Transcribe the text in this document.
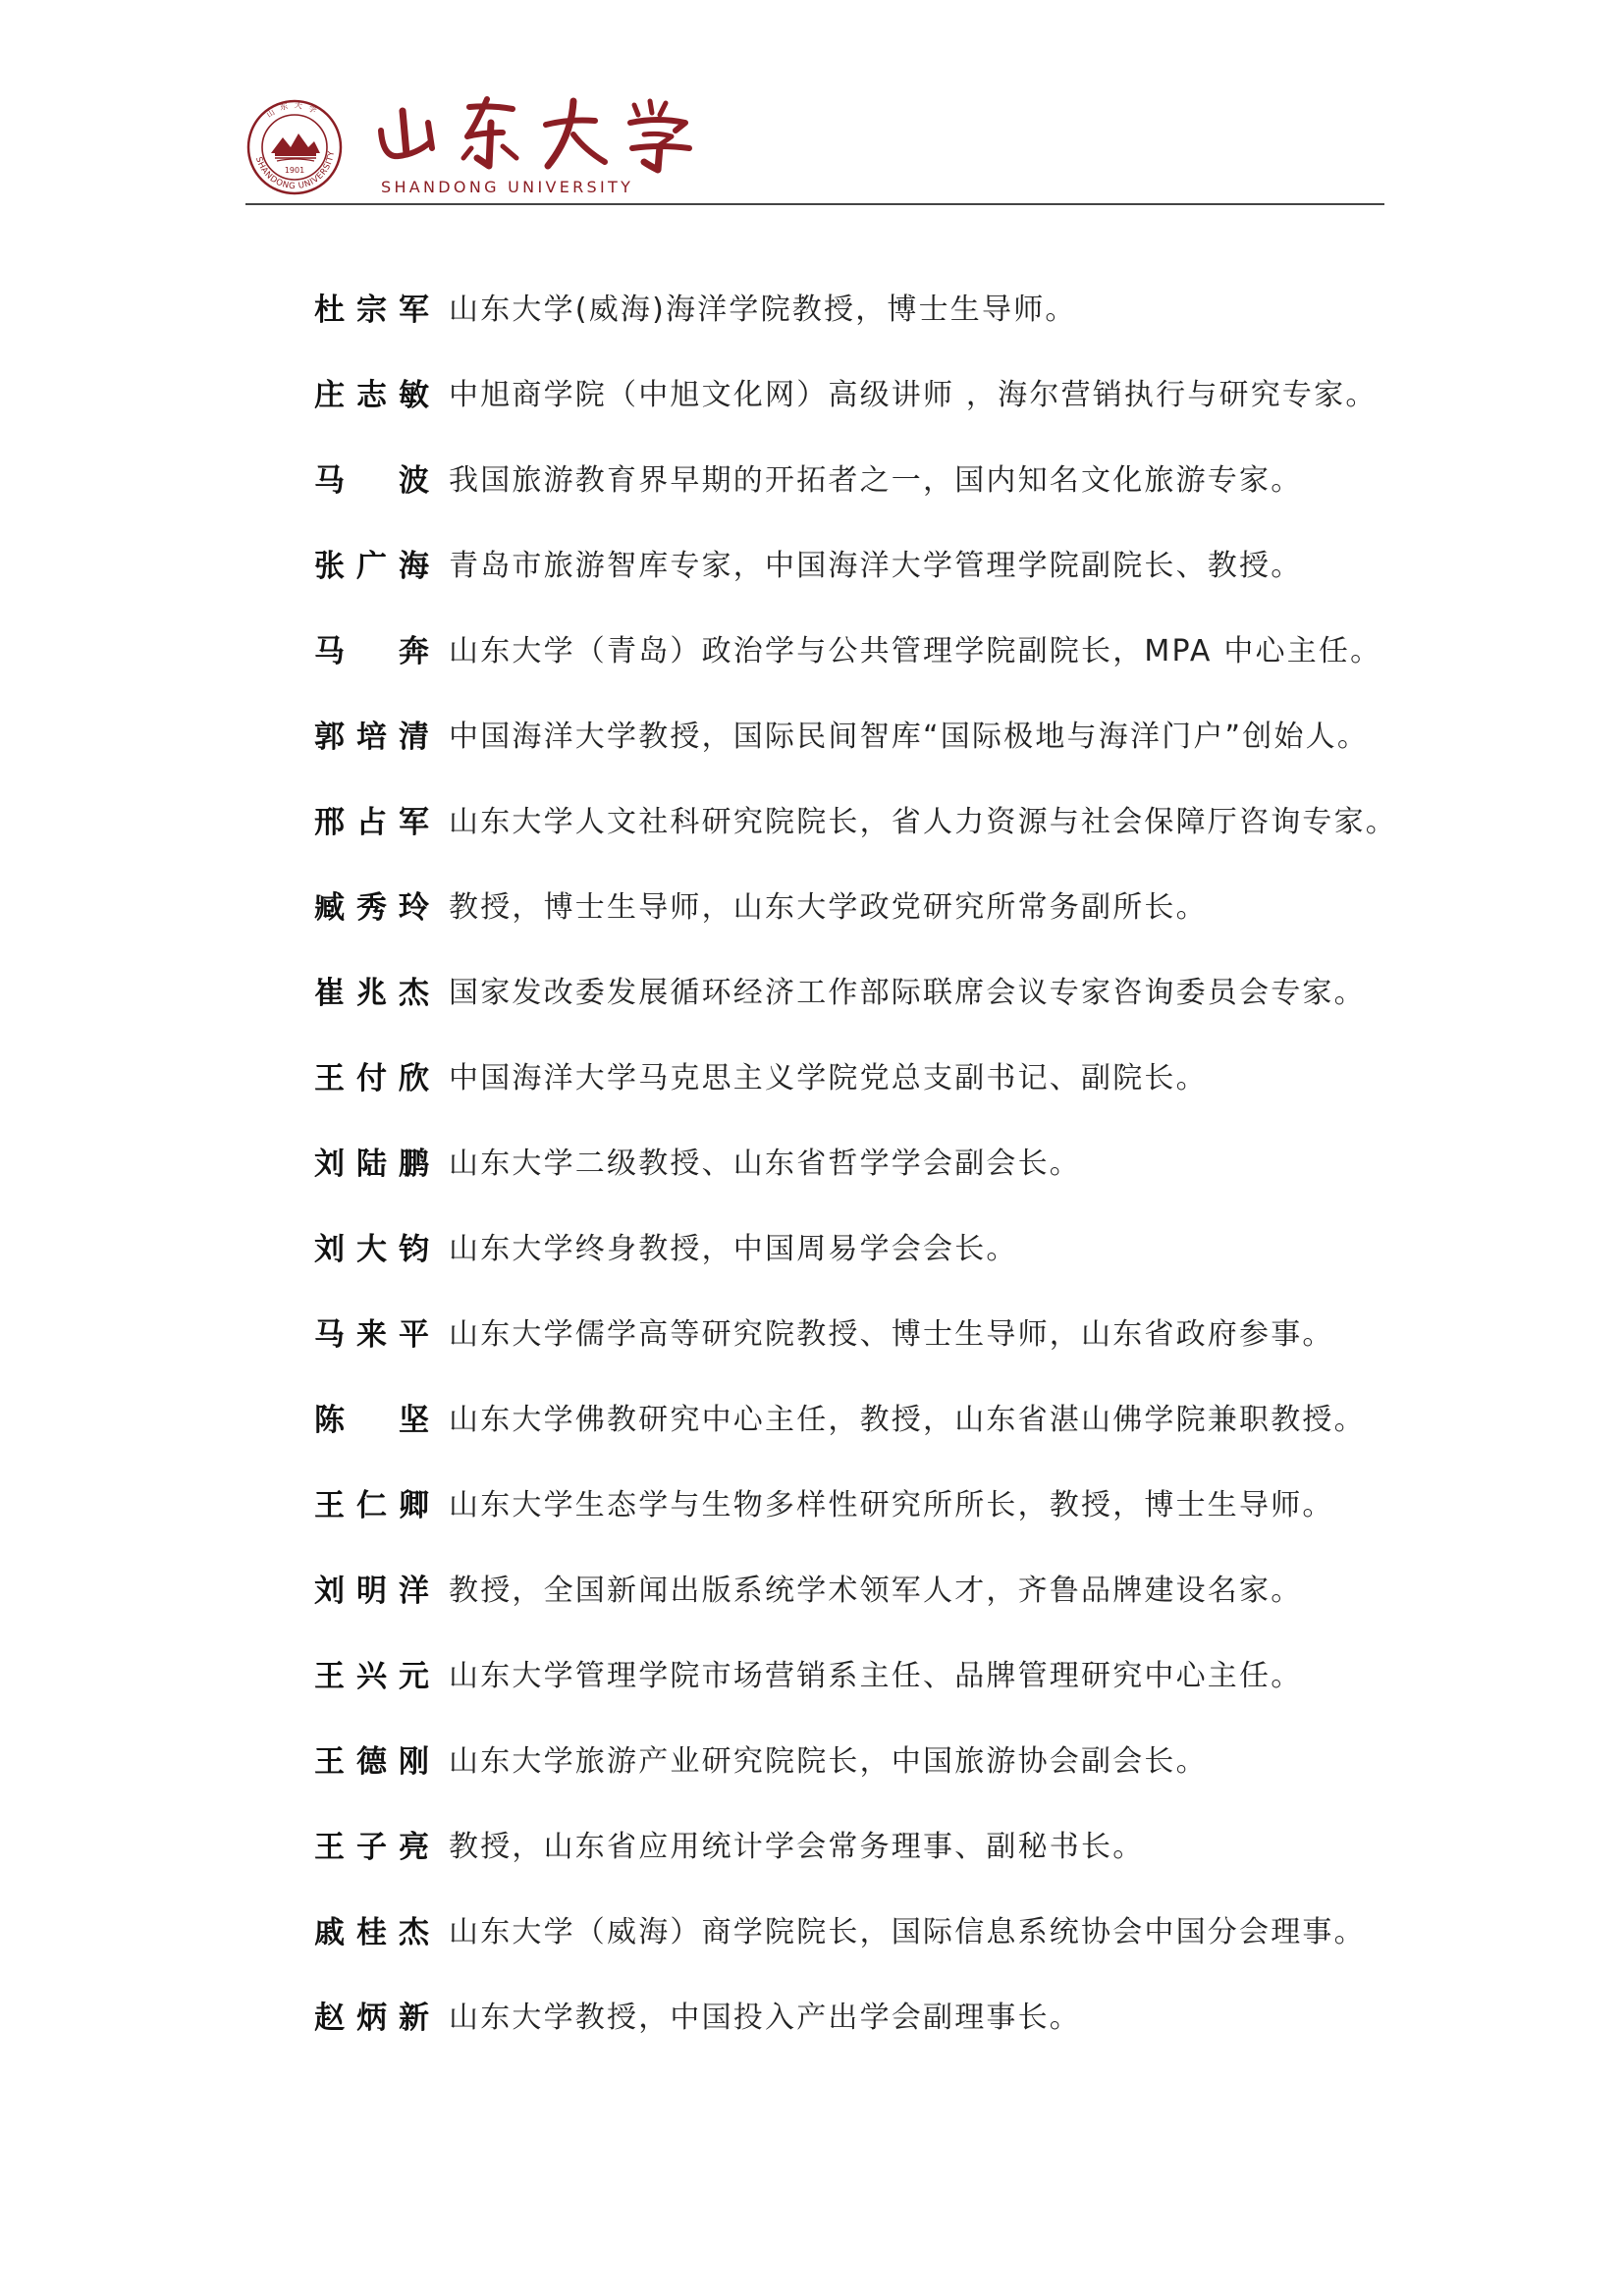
SHANDONG UNIVERSITY
山东大学
1901
SHANDONG UNIVERSITY
杜宗军 山东大学(威海)海洋学院教授，博士生导师。
庄志敏 中旭商学院（中旭文化网）高级讲师 ，海尔营销执行与研究专家。
马 波 我国旅游教育界早期的开拓者之一，国内知名文化旅游专家。
张广海 青岛市旅游智库专家，中国海洋大学管理学院副院长、教授。
马 奔 山东大学（青岛）政治学与公共管理学院副院长，MPA 中心主任。
郭培清 中国海洋大学教授，国际民间智库“国际极地与海洋门户”创始人。
邢占军 山东大学人文社科研究院院长，省人力资源与社会保障厅咨询专家。
臧秀玲 教授，博士生导师，山东大学政党研究所常务副所长。
崔兆杰 国家发改委发展循环经济工作部际联席会议专家咨询委员会专家。
王付欣 中国海洋大学马克思主义学院党总支副书记、副院长。
刘陆鹏 山东大学二级教授、山东省哲学学会副会长。
刘大钧 山东大学终身教授，中国周易学会会长。
马来平 山东大学儒学高等研究院教授、博士生导师，山东省政府参事。
陈 坚 山东大学佛教研究中心主任，教授，山东省湛山佛学院兼职教授。
王仁卿 山东大学生态学与生物多样性研究所所长，教授，博士生导师。
刘明洋 教授，全国新闻出版系统学术领军人才，齐鲁品牌建设名家。
王兴元 山东大学管理学院市场营销系主任、品牌管理研究中心主任。
王德刚 山东大学旅游产业研究院院长，中国旅游协会副会长。
王子亮 教授，山东省应用统计学会常务理事、副秘书长。
戚桂杰 山东大学（威海）商学院院长，国际信息系统协会中国分会理事。
赵炳新 山东大学教授，中国投入产出学会副理事长。
